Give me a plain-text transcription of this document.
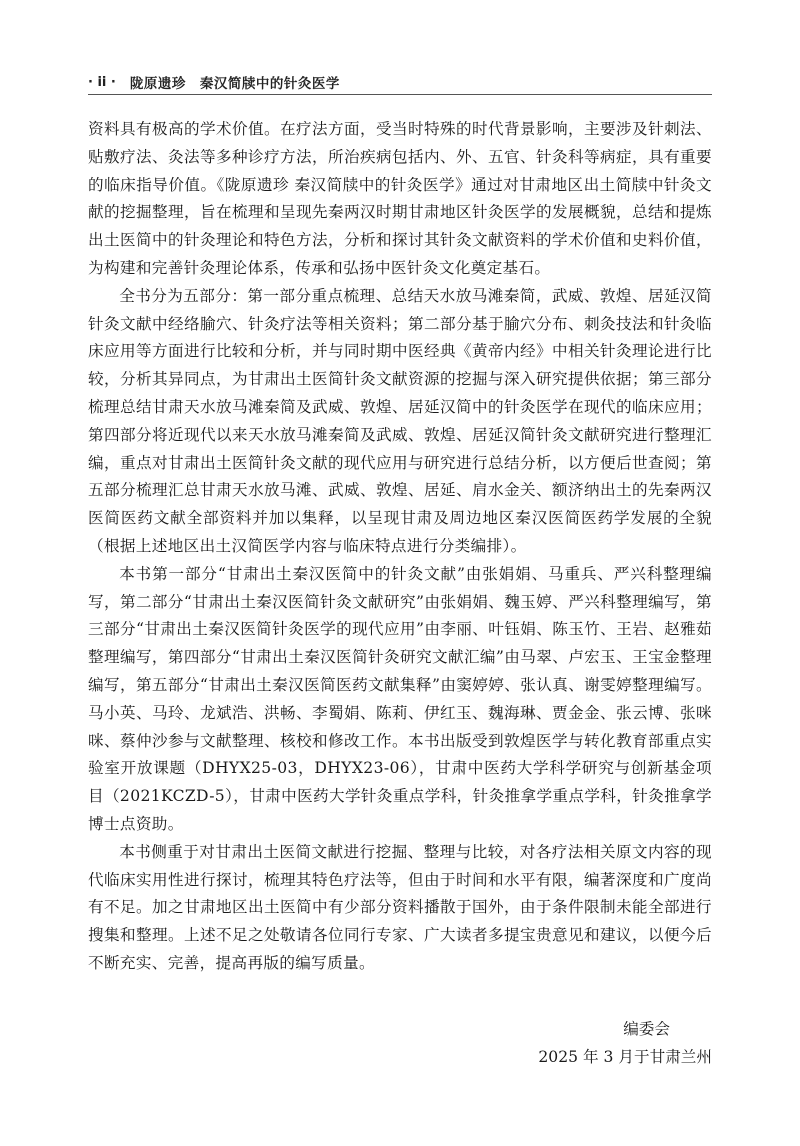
· ii · 陇原遗珍　秦汉简牍中的针灸医学

资料具有极高的学术价值。在疗法方面，受当时特殊的时代背景影响，主要涉及针刺法、贴敷疗法、灸法等多种诊疗方法，所治疾病包括内、外、五官、针灸科等病症，具有重要的临床指导价值。《陇原遗珍 秦汉简牍中的针灸医学》通过对甘肃地区出土简牍中针灸文献的挖掘整理，旨在梳理和呈现先秦两汉时期甘肃地区针灸医学的发展概貌，总结和提炼出土医简中的针灸理论和特色方法，分析和探讨其针灸文献资料的学术价值和史料价值，为构建和完善针灸理论体系，传承和弘扬中医针灸文化奠定基石。

全书分为五部分：第一部分重点梳理、总结天水放马滩秦简，武威、敦煌、居延汉简针灸文献中经络腧穴、针灸疗法等相关资料；第二部分基于腧穴分布、刺灸技法和针灸临床应用等方面进行比较和分析，并与同时期中医经典《黄帝内经》中相关针灸理论进行比较，分析其异同点，为甘肃出土医简针灸文献资源的挖掘与深入研究提供依据；第三部分梳理总结甘肃天水放马滩秦简及武威、敦煌、居延汉简中的针灸医学在现代的临床应用；第四部分将近现代以来天水放马滩秦简及武威、敦煌、居延汉简针灸文献研究进行整理汇编，重点对甘肃出土医简针灸文献的现代应用与研究进行总结分析，以方便后世查阅；第五部分梳理汇总甘肃天水放马滩、武威、敦煌、居延、肩水金关、额济纳出土的先秦两汉医简医药文献全部资料并加以集释，以呈现甘肃及周边地区秦汉医简医药学发展的全貌（根据上述地区出土汉简医学内容与临床特点进行分类编排）。

本书第一部分“甘肃出土秦汉医简中的针灸文献”由张娟娟、马重兵、严兴科整理编写，第二部分“甘肃出土秦汉医简针灸文献研究”由张娟娟、魏玉婷、严兴科整理编写，第三部分“甘肃出土秦汉医简针灸医学的现代应用”由李丽、叶钰娟、陈玉竹、王岩、赵雅茹整理编写，第四部分“甘肃出土秦汉医简针灸研究文献汇编”由马翠、卢宏玉、王宝金整理编写，第五部分“甘肃出土秦汉医简医药文献集释”由窦婷婷、张认真、谢雯婷整理编写。马小英、马玲、龙斌浩、洪畅、李蜀娟、陈莉、伊红玉、魏海琳、贾金金、张云博、张咪咪、蔡仲沙参与文献整理、核校和修改工作。本书出版受到敦煌医学与转化教育部重点实验室开放课题（DHYX25-03，DHYX23-06），甘肃中医药大学科学研究与创新基金项目（2021KCZD-5），甘肃中医药大学针灸重点学科，针灸推拿学重点学科，针灸推拿学博士点资助。

本书侧重于对甘肃出土医简文献进行挖掘、整理与比较，对各疗法相关原文内容的现代临床实用性进行探讨，梳理其特色疗法等，但由于时间和水平有限，编著深度和广度尚有不足。加之甘肃地区出土医简中有少部分资料播散于国外，由于条件限制未能全部进行搜集和整理。上述不足之处敬请各位同行专家、广大读者多提宝贵意见和建议，以便今后不断充实、完善，提高再版的编写质量。

编委会
2025 年 3 月于甘肃兰州
